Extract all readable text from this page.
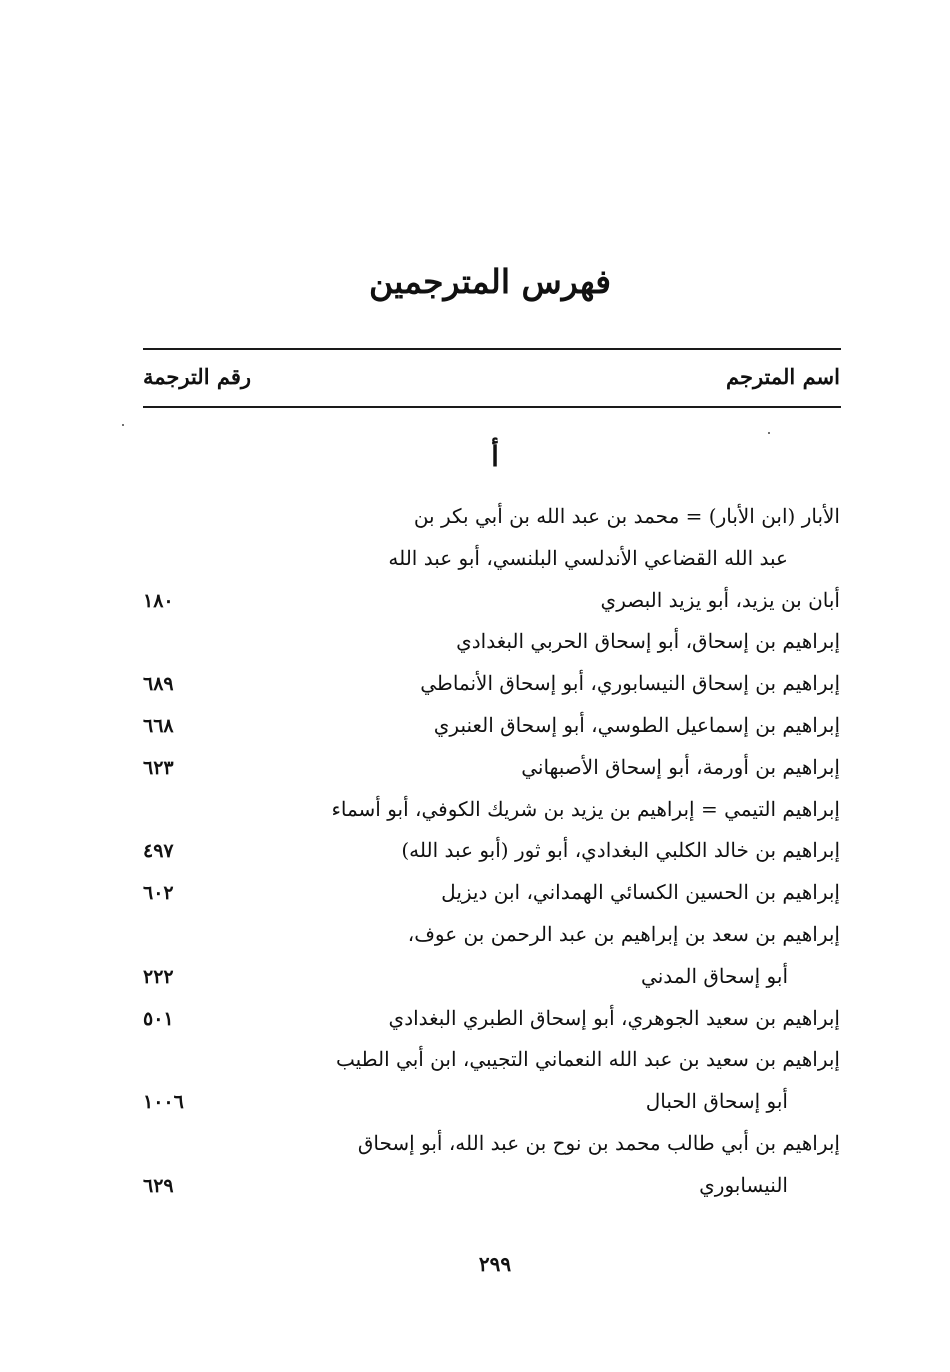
فهرس المترجمين
اسم المترجم
رقم الترجمة
أ
الأبار (ابن الأبار) = محمد بن عبد الله بن أبي بكر بن
عبد الله القضاعي الأندلسي البلنسي، أبو عبد الله
أبان بن يزيد، أبو يزيد البصري
١٨٠
إبراهيم بن إسحاق، أبو إسحاق الحربي البغدادي
إبراهيم بن إسحاق النيسابوري، أبو إسحاق الأنماطي
٦٨٩
إبراهيم بن إسماعيل الطوسي، أبو إسحاق العنبري
٦٦٨
إبراهيم بن أورمة، أبو إسحاق الأصبهاني
٦٢٣
إبراهيم التيمي = إبراهيم بن يزيد بن شريك الكوفي، أبو أسماء
إبراهيم بن خالد الكلبي البغدادي، أبو ثور (أبو عبد الله)
٤٩٧
إبراهيم بن الحسين الكسائي الهمداني، ابن ديزيل
٦٠٢
إبراهيم بن سعد بن إبراهيم بن عبد الرحمن بن عوف،
أبو إسحاق المدني
٢٢٢
إبراهيم بن سعيد الجوهري، أبو إسحاق الطبري البغدادي
٥٠١
إبراهيم بن سعيد بن عبد الله النعماني التجيبي، ابن أبي الطيب
أبو إسحاق الحبال
١٠٠٦
إبراهيم بن أبي طالب محمد بن نوح بن عبد الله، أبو إسحاق
النيسابوري
٦٢٩
٢٩٩
